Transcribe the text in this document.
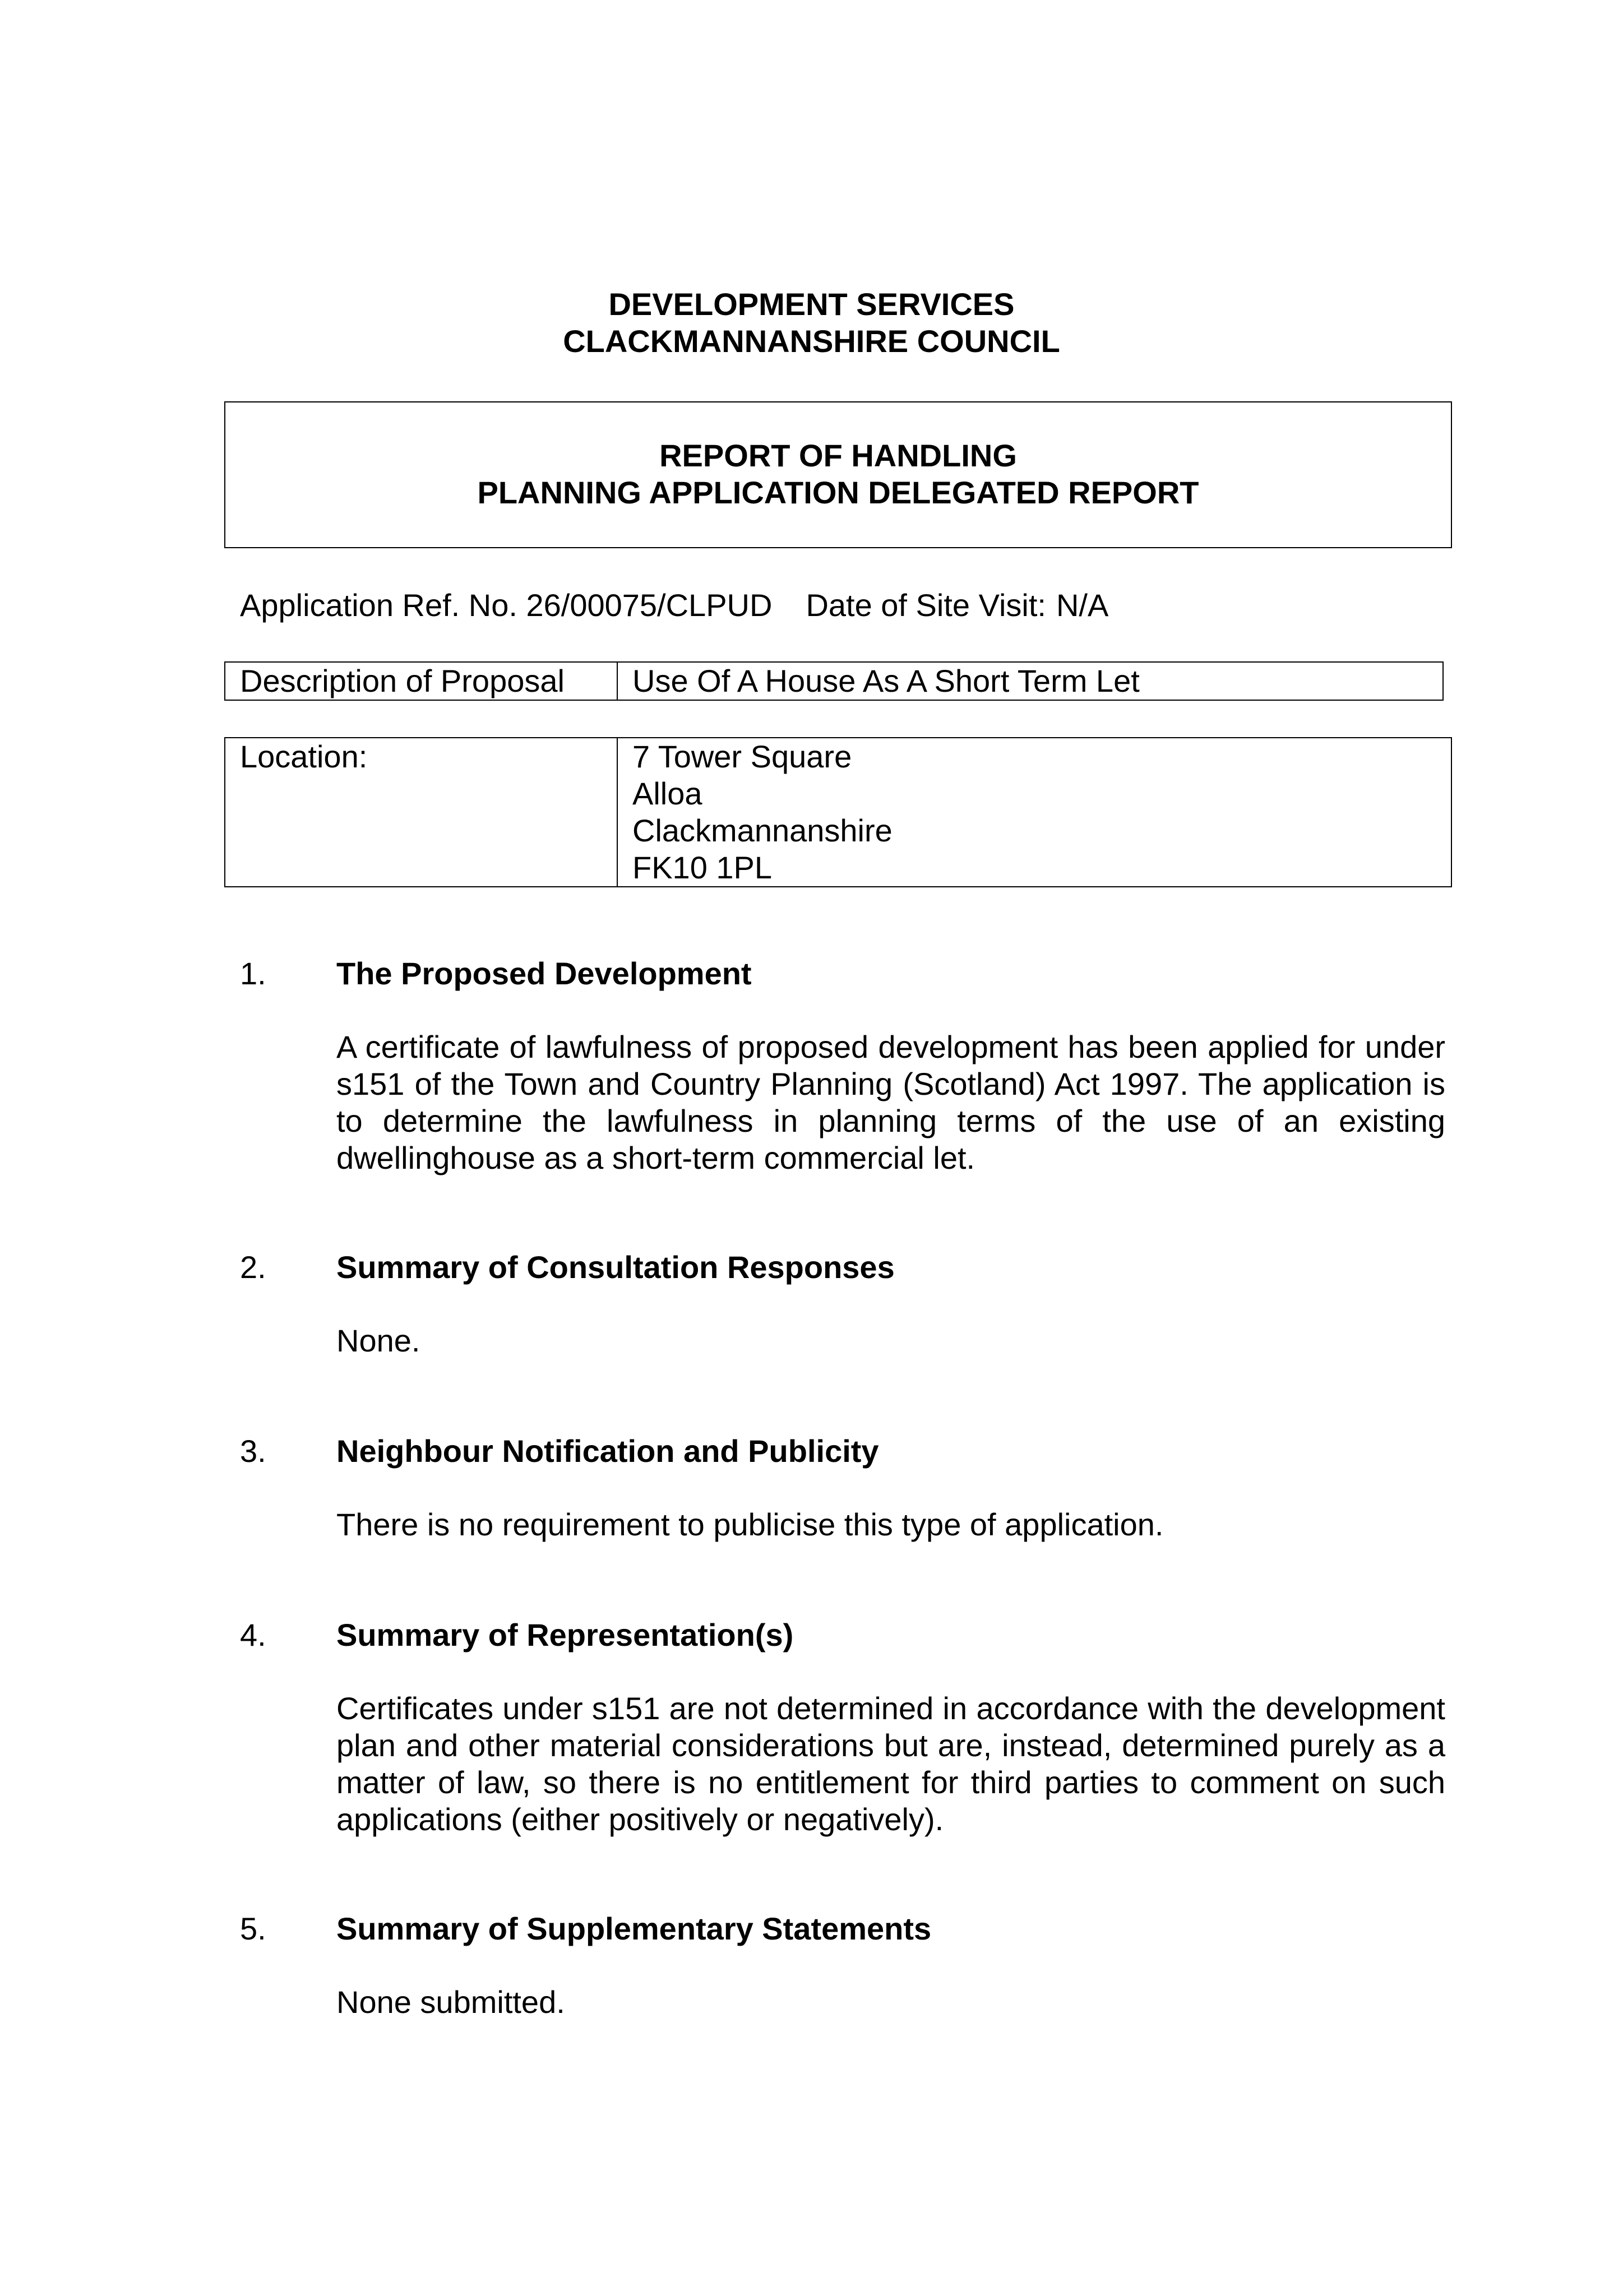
DEVELOPMENT SERVICES
CLACKMANNANSHIRE COUNCIL
REPORT OF HANDLING
PLANNING APPLICATION DELEGATED REPORT
Application Ref. No. 26/00075/CLPUD Date of Site Visit: N/A
Description of Proposal	Use Of A House As A Short Term Let
Location:	7 Tower Square
Alloa
Clackmannanshire
FK10 1PL
1. The Proposed Development
A certificate of lawfulness of proposed development has been applied for under s151 of the Town and Country Planning (Scotland) Act 1997. The application is to determine the lawfulness in planning terms of the use of an existing dwellinghouse as a short-term commercial let.
2. Summary of Consultation Responses
None.
3. Neighbour Notification and Publicity
There is no requirement to publicise this type of application.
4. Summary of Representation(s)
Certificates under s151 are not determined in accordance with the development plan and other material considerations but are, instead, determined purely as a matter of law, so there is no entitlement for third parties to comment on such applications (either positively or negatively).
5. Summary of Supplementary Statements
None submitted.
